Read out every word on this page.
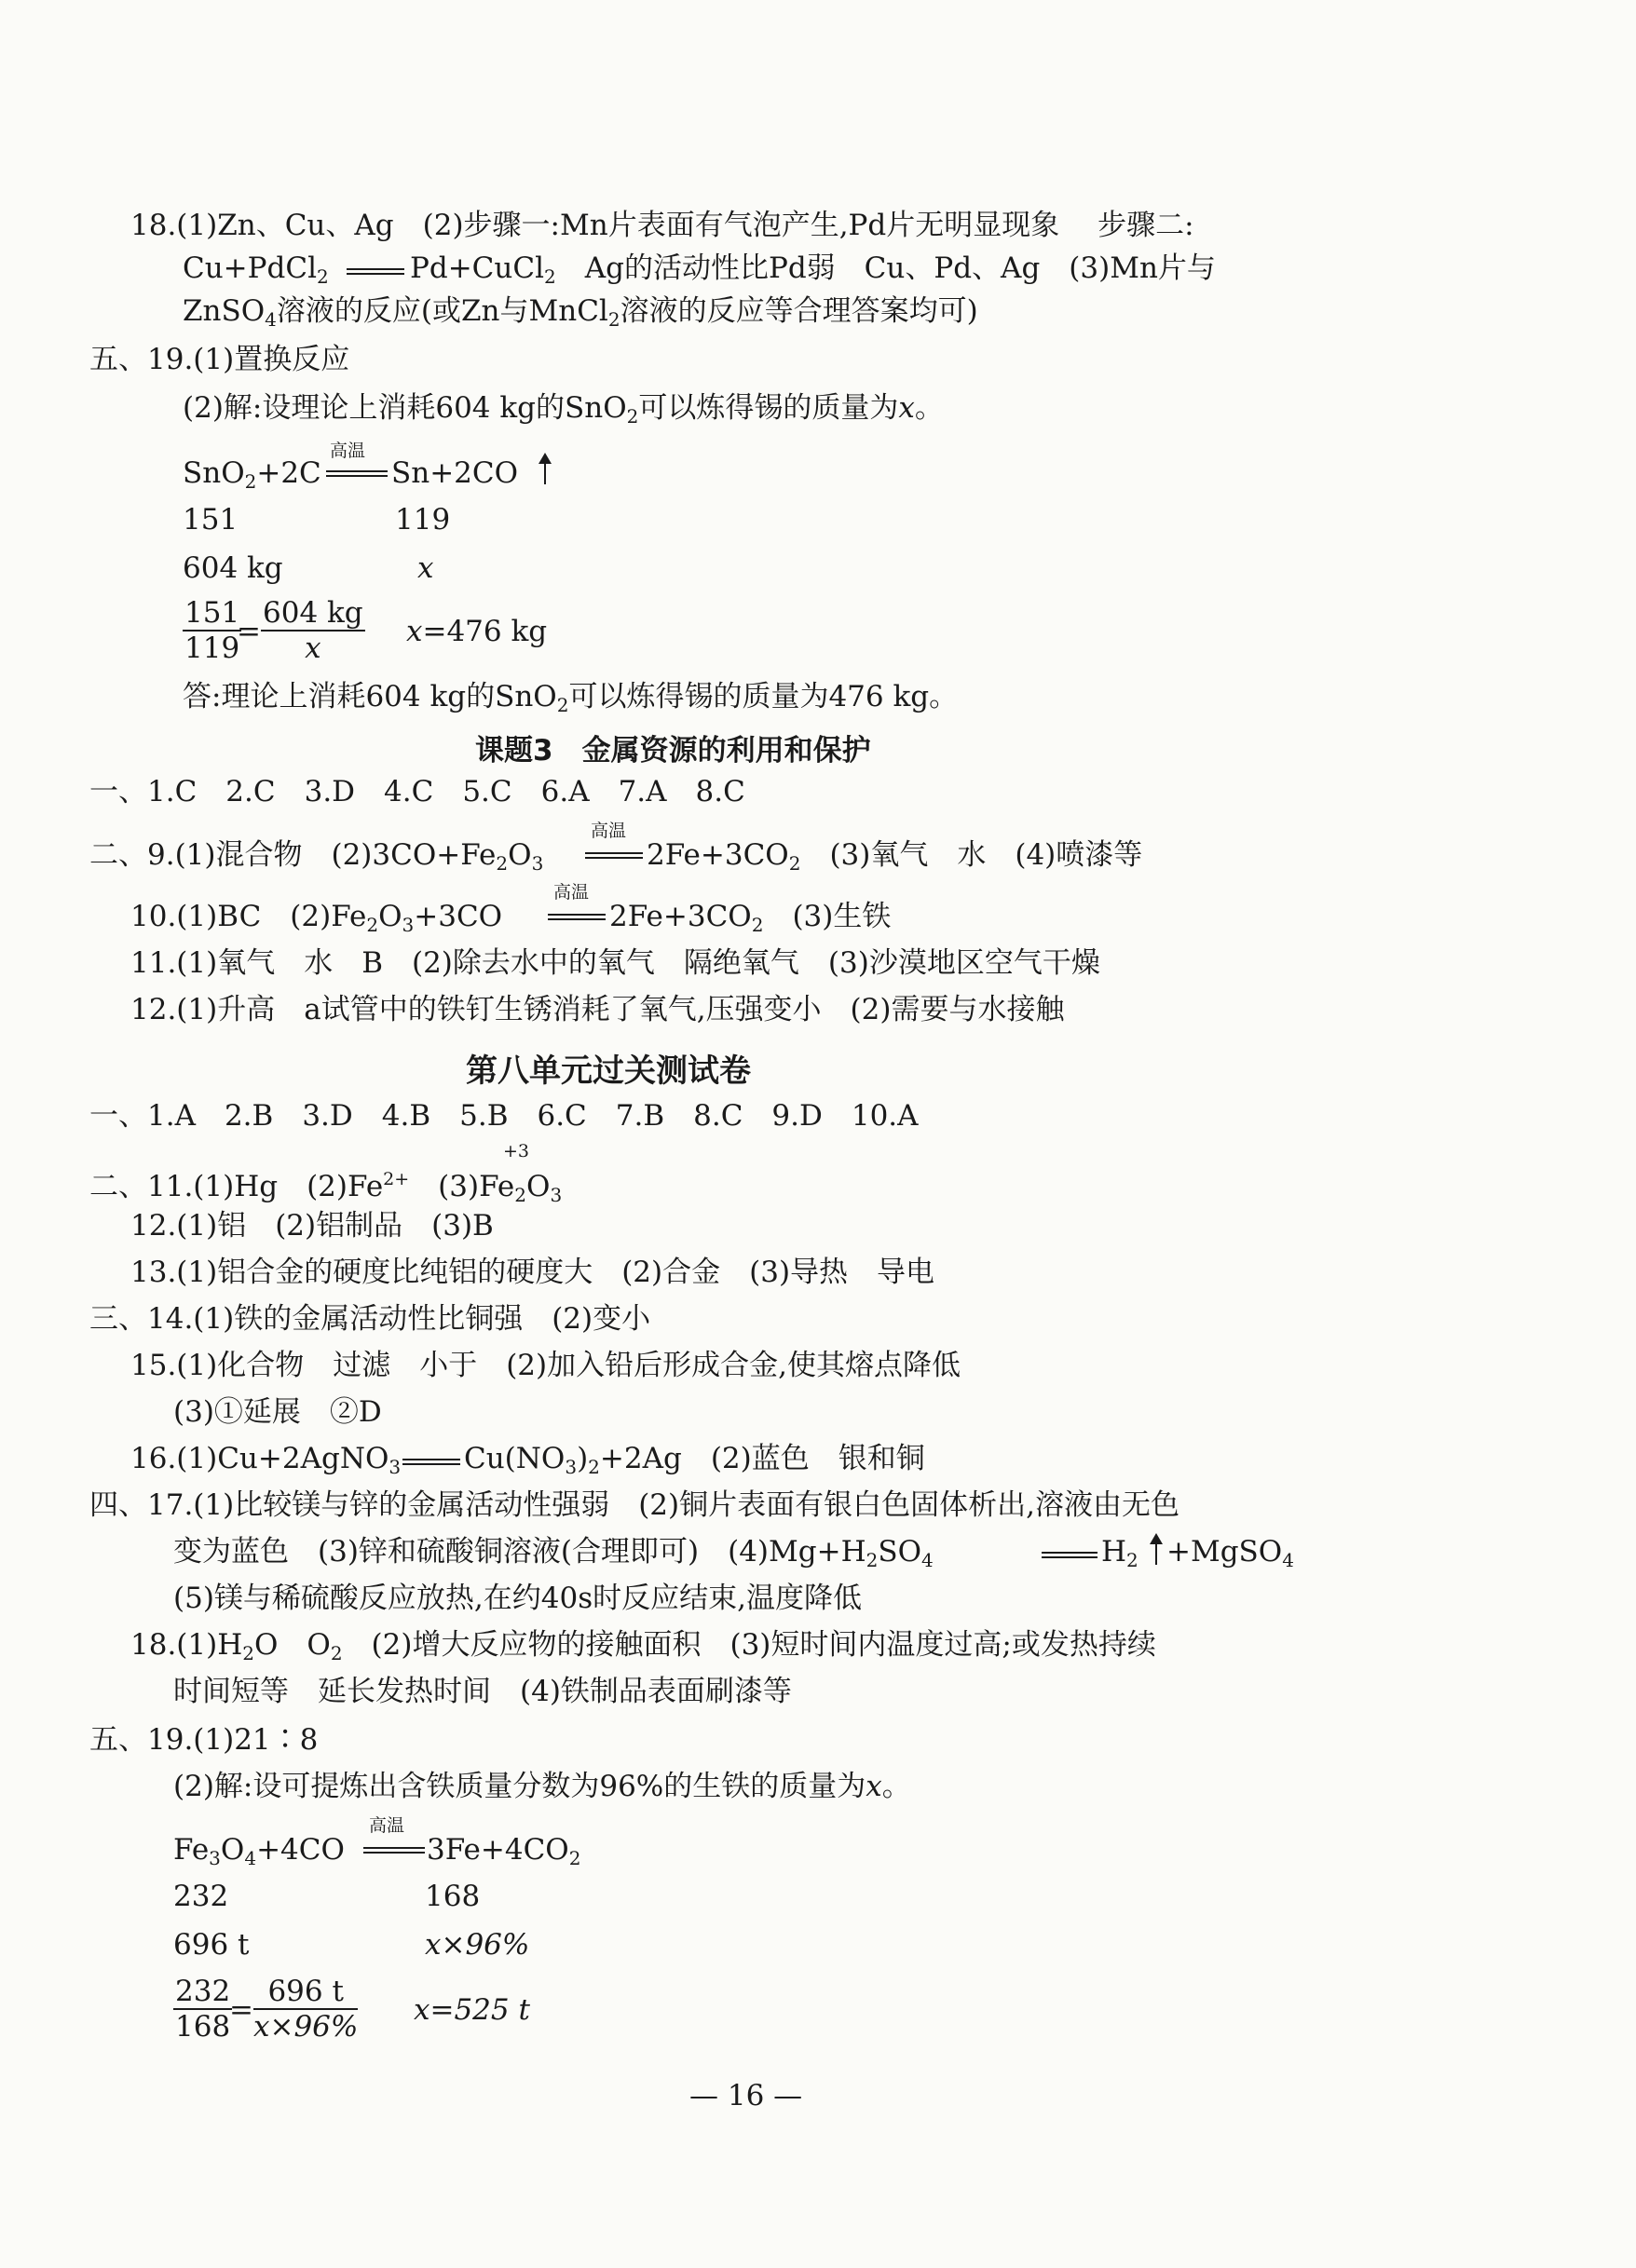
18.(1)Zn、Cu、Ag　(2)步骤一:Mn片表面有气泡产生,Pd片无明显现象　 步骤二:
Cu+PdCl$_2$	Pd+CuCl$_2$　Ag的活动性比Pd弱　Cu、Pd、Ag　(3)Mn片与
ZnSO$_4$溶液的反应(或Zn与MnCl$_2$溶液的反应等合理答案均可)
五、19.(1)置换反应
(2)解:设理论上消耗604 kg的SnO$_2$可以炼得锡的质量为x。
SnO$_2$+2C
高温
Sn+2CO
151	119
604 kg	x
$\frac{151}{119}$
= $\frac{604 kg}{x} x=476$ kg
答:理论上消耗604 kg的SnO$_2$可以炼得锡的质量为476 kg。
课题3　金属资源的利用和保护
一、1.C　2.C　3.D　4.C　5.C　6.A　7.A　8.C
二、9.(1)混合物　$(2)3CO+Fe_2O_3$
高温
$2Fe+3CO_2$　(3)氧气　水　(4)喷漆等
10.(1)BC　$(2)Fe_2O_3+3CO$
高温
$2Fe+3CO_2$　(3)生铁
11.(1)氧气　水　B　(2)除去水中的氧气　隔绝氧气　(3)沙漠地区空气干燥
12.(1)升高　a试管中的铁钉生锈消耗了氧气,压强变小　(2)需要与水接触
第八单元过关测试卷
一、1.A　2.B　3.D　4.B　5.B　6.C　7.B　8.C　9.D　10.A
二、11.(1)Hg　$(2)Fe^{2+}$　$(3)Fe_2O_3$
+3
12.(1)铝　(2)铝制品　(3)B
13.(1)铝合金的硬度比纯铝的硬度大　(2)合金　(3)导热　导电
三、14.(1)铁的金属活动性比铜强　(2)变小
15.(1)化合物　过滤　小于　(2)加入铅后形成合金,使其熔点降低
(3)①延展　②D
16.(1)Cu+2AgNO$_3$ $Cu(NO_3)_2+2Ag$　(2)蓝色　银和铜
四、17.(1)比较镁与锌的金属活动性强弱　(2)铜片表面有银白色固体析出,溶液由无色
变为蓝色　(3)锌和硫酸铜溶液(合理即可)　$(4)Mg+H_2SO_4$	$H_2$ +MgSO$_4$
(5)镁与稀硫酸反应放热,在约40s时反应结束,温度降低
$18.(1)H_2O$　$O_2$　(2)增大反应物的接触面积　(3)短时间内温度过高;或发热持续
时间短等　延长发热时间　(4)铁制品表面刷漆等
五、19.(1)21∶8
(2)解:设可提炼出含铁质量分数为96%的生铁的质量为x。
$Fe_3O_4+4CO$
高温
$3Fe+4CO_2$
232	168
696 t	x×96%
$\frac{232}{168}$
= $\frac{696 t}{x\times 96\%} x=525$ t
— 16 —
